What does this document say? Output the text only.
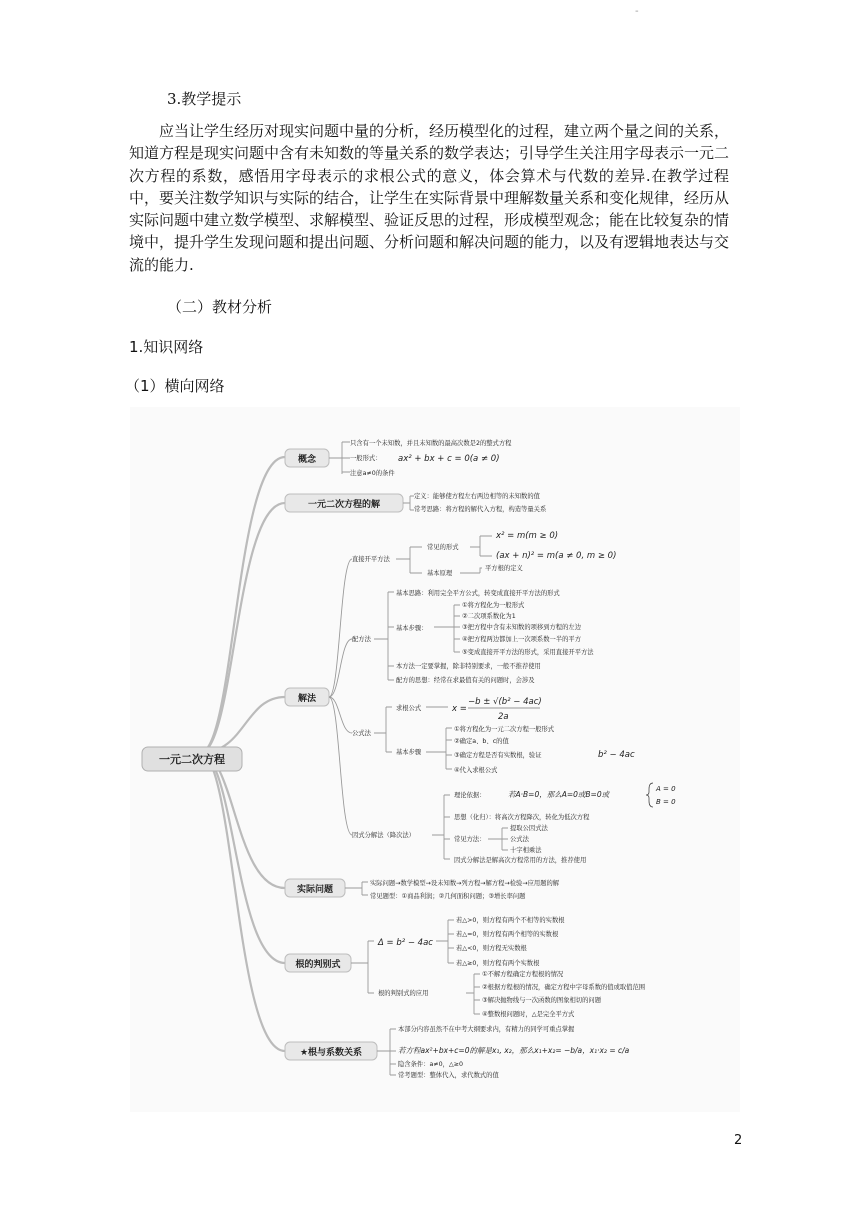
-
3.教学提示

应当让学生经历对现实问题中量的分析，经历模型化的过程，建立两个量之间的关系，知道方程是现实问题中含有未知数的等量关系的数学表达；引导学生关注用字母表示一元二次方程的系数，感悟用字母表示的求根公式的意义，体会算术与代数的差异.在教学过程中，要关注数学知识与实际的结合，让学生在实际背景中理解数量关系和变化规律，经历从实际问题中建立数学模型、求解模型、验证反思的过程，形成模型观念；能在比较复杂的情境中，提升学生发现问题和提出问题、分析问题和解决问题的能力，以及有逻辑地表达与交流的能力.

（二）教材分析
1.知识网络
（1）横向网络
一元二次方程
概念
只含有一个未知数，并且未知数的最高次数是2的整式方程
一般形式： ax² + bx + c = 0(a ≠ 0)
注意a≠0的条件
一元二次方程的解
定义：能够使方程左右两边相等的未知数的值
常考思路：将方程的解代入方程，构造等量关系
解法
直接开平方法
常见的形式
x² = m(m ≥ 0)
(ax + n)² = m(a ≠ 0, m ≥ 0)
基本原理
平方根的定义
配方法
基本思路：利用完全平方公式，转变成直接开平方法的形式
基本步骤：
①将方程化为一般形式
②二次项系数化为1
③把方程中含有未知数的项移到方程的左边
④把方程两边都加上一次项系数一半的平方
⑤变成直接开平方法的形式，采用直接开平方法
本方法一定要掌握，除非特别要求，一般不推荐使用
配方的思想：经常在求最值有关的问题时，会涉及
公式法
求根公式	x =
−b ± √(b² − 4ac)
2a
基本步骤
①将方程化为一元二次方程一般形式
②确定a、b、c的值
③确定方程是否有实数根，验证	b² − 4ac
④代入求根公式
因式分解法（降次法）
理论依据：	若A·B=0，那么A=0或B=0或
A = 0
B = 0
思想（化归）：将高次方程降次，转化为低次方程
常见方法：
提取公因式法
公式法
十字相乘法
因式分解法是解高次方程常用的方法，推荐使用
实际问题
实际问题→数学模型→设未知数→列方程→解方程→检验→应用题的解
常见题型：①商品利润；②几何面积问题；③增长率问题
根的判别式
Δ = b² − 4ac
若△>0，则方程有两个不相等的实数根
若△=0，则方程有两个相等的实数根
若△<0，则方程无实数根
若△≥0，则方程有两个实数根
根的判别式的应用
①不解方程确定方程根的情况
②根据方程根的情况，确定方程中字母系数的值或取值范围
③解决抛物线与一次函数的图象相切的问题
④整数根问题时，△是完全平方式
★根与系数关系
本部分内容虽然不在中考大纲要求内，有精力的同学可重点掌握
若方程ax²+bx+c=0的解是x₁, x₂，那么x₁+x₂= −b/a，x₁·x₂ = c/a
隐含条件：a≠0，△≥0
常考题型：整体代入，求代数式的值
2
